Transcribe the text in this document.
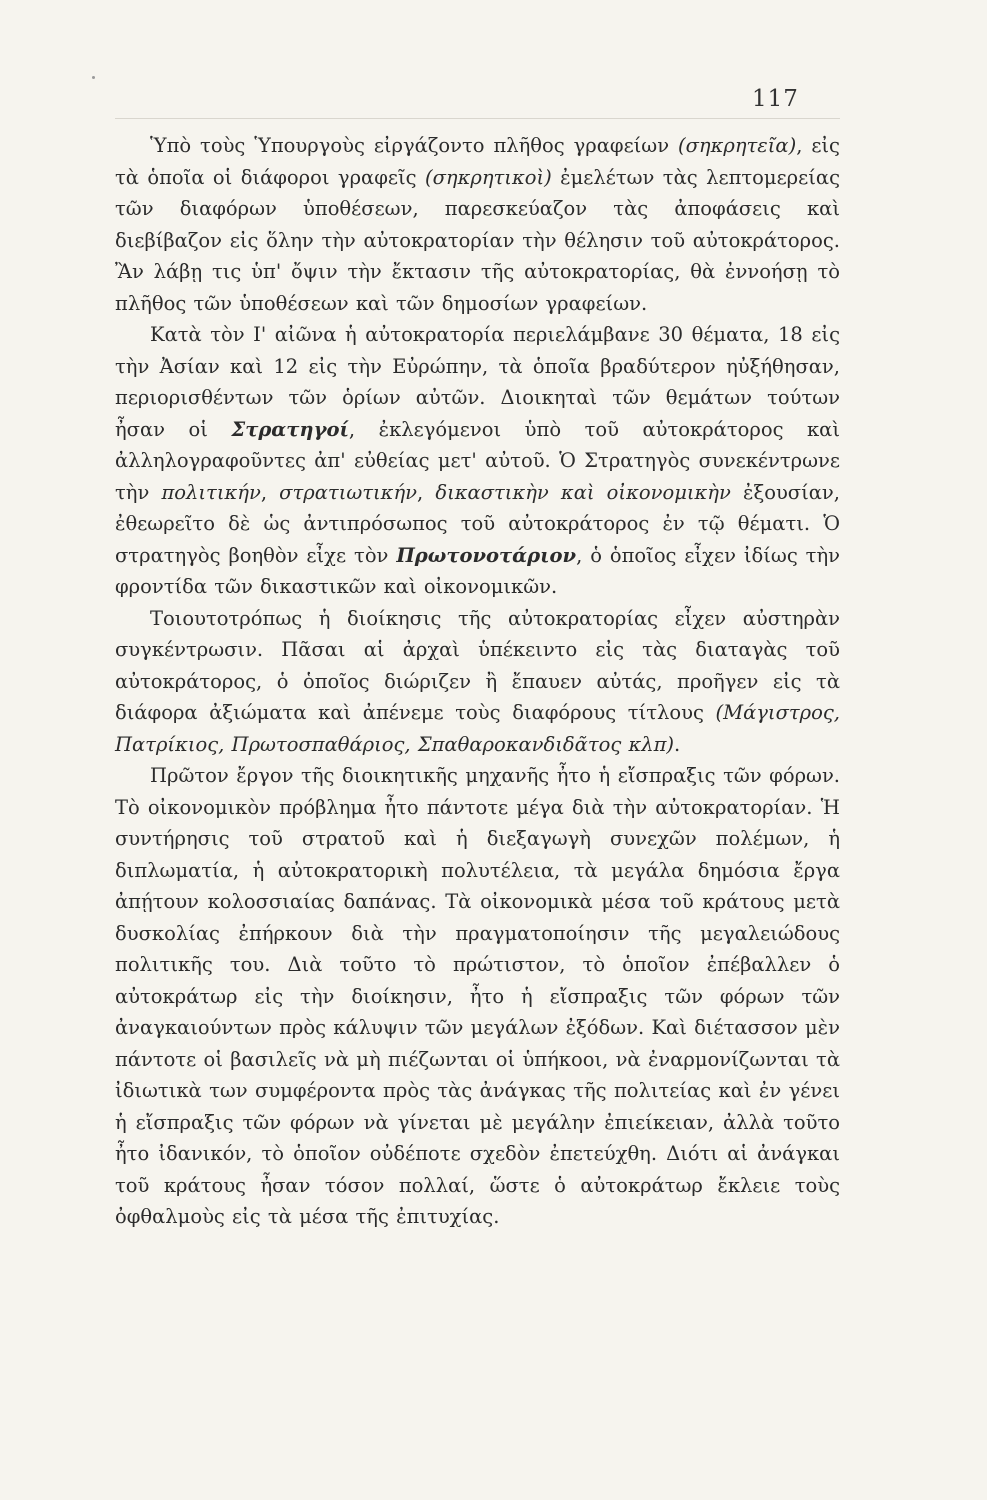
117

Ὑπὸ τοὺς Ὑπουργοὺς εἰργάζοντο πλῆθος γραφείων (σηκρητεῖα), εἰς τὰ ὁποῖα οἱ διάφοροι γραφεῖς (σηκρητικοὶ) ἐμελέτων τὰς λεπτομερείας τῶν διαφόρων ὑποθέσεων, παρεσκεύαζον τὰς ἀποφάσεις καὶ διεβίβαζον εἰς ὅλην τὴν αὐτοκρατορίαν τὴν θέλησιν τοῦ αὐτοκράτορος. Ἂν λάβῃ τις ὑπ' ὄψιν τὴν ἔκτασιν τῆς αὐτοκρατορίας, θὰ ἐννοήσῃ τὸ πλῆθος τῶν ὑποθέσεων καὶ τῶν δημοσίων γραφείων.

Κατὰ τὸν Ι' αἰῶνα ἡ αὐτοκρατορία περιελάμβανε 30 θέματα, 18 εἰς τὴν Ἀσίαν καὶ 12 εἰς τὴν Εὐρώπην, τὰ ὁποῖα βραδύτερον ηὐξήθησαν, περιορισθέντων τῶν ὁρίων αὐτῶν. Διοικηταὶ τῶν θεμάτων τούτων ἦσαν οἱ Στρατηγοί, ἐκλεγόμενοι ὑπὸ τοῦ αὐτοκράτορος καὶ ἀλληλογραφοῦντες ἀπ' εὐθείας μετ' αὐτοῦ. Ὁ Στρατηγὸς συνεκέντρωνε τὴν πολιτικήν, στρατιωτικήν, δικαστικὴν καὶ οἰκονομικὴν ἐξουσίαν, ἐθεωρεῖτο δὲ ὡς ἀντιπρόσωπος τοῦ αὐτοκράτορος ἐν τῷ θέματι. Ὁ στρατηγὸς βοηθὸν εἶχε τὸν Πρωτονοτάριον, ὁ ὁποῖος εἶχεν ἰδίως τὴν φροντίδα τῶν δικαστικῶν καὶ οἰκονομικῶν.

Τοιουτοτρόπως ἡ διοίκησις τῆς αὐτοκρατορίας εἶχεν αὐστηρὰν συγκέντρωσιν. Πᾶσαι αἱ ἀρχαὶ ὑπέκειντο εἰς τὰς διαταγὰς τοῦ αὐτοκράτορος, ὁ ὁποῖος διώριζεν ἢ ἔπαυεν αὐτάς, προῆγεν εἰς τὰ διάφορα ἀξιώματα καὶ ἀπένεμε τοὺς διαφόρους τίτλους (Μάγιστρος, Πατρίκιος, Πρωτοσπαθάριος, Σπαθαροκανδιδᾶτος κλπ).

Πρῶτον ἔργον τῆς διοικητικῆς μηχανῆς ἦτο ἡ εἴσπραξις τῶν φόρων. Τὸ οἰκονομικὸν πρόβλημα ἦτο πάντοτε μέγα διὰ τὴν αὐτοκρατορίαν. Ἡ συντήρησις τοῦ στρατοῦ καὶ ἡ διεξαγωγὴ συνεχῶν πολέμων, ἡ διπλωματία, ἡ αὐτοκρατορικὴ πολυτέλεια, τὰ μεγάλα δημόσια ἔργα ἀπῄτουν κολοσσιαίας δαπάνας. Τὰ οἰκονομικὰ μέσα τοῦ κράτους μετὰ δυσκολίας ἐπήρκουν διὰ τὴν πραγματοποίησιν τῆς μεγαλειώδους πολιτικῆς του. Διὰ τοῦτο τὸ πρώτιστον, τὸ ὁποῖον ἐπέβαλλεν ὁ αὐτοκράτωρ εἰς τὴν διοίκησιν, ἦτο ἡ εἴσπραξις τῶν φόρων τῶν ἀναγκαιούντων πρὸς κάλυψιν τῶν μεγάλων ἐξόδων. Καὶ διέτασσον μὲν πάντοτε οἱ βασιλεῖς νὰ μὴ πιέζωνται οἱ ὑπήκοοι, νὰ ἐναρμονίζωνται τὰ ἰδιωτικὰ των συμφέροντα πρὸς τὰς ἀνάγκας τῆς πολιτείας καὶ ἐν γένει ἡ εἴσπραξις τῶν φόρων νὰ γίνεται μὲ μεγάλην ἐπιείκειαν, ἀλλὰ τοῦτο ἦτο ἰδανικόν, τὸ ὁποῖον οὐδέποτε σχεδὸν ἐπετεύχθη. Διότι αἱ ἀνάγκαι τοῦ κράτους ἦσαν τόσον πολλαί, ὥστε ὁ αὐτοκράτωρ ἔκλειε τοὺς ὀφθαλμοὺς εἰς τὰ μέσα τῆς ἐπιτυχίας.
